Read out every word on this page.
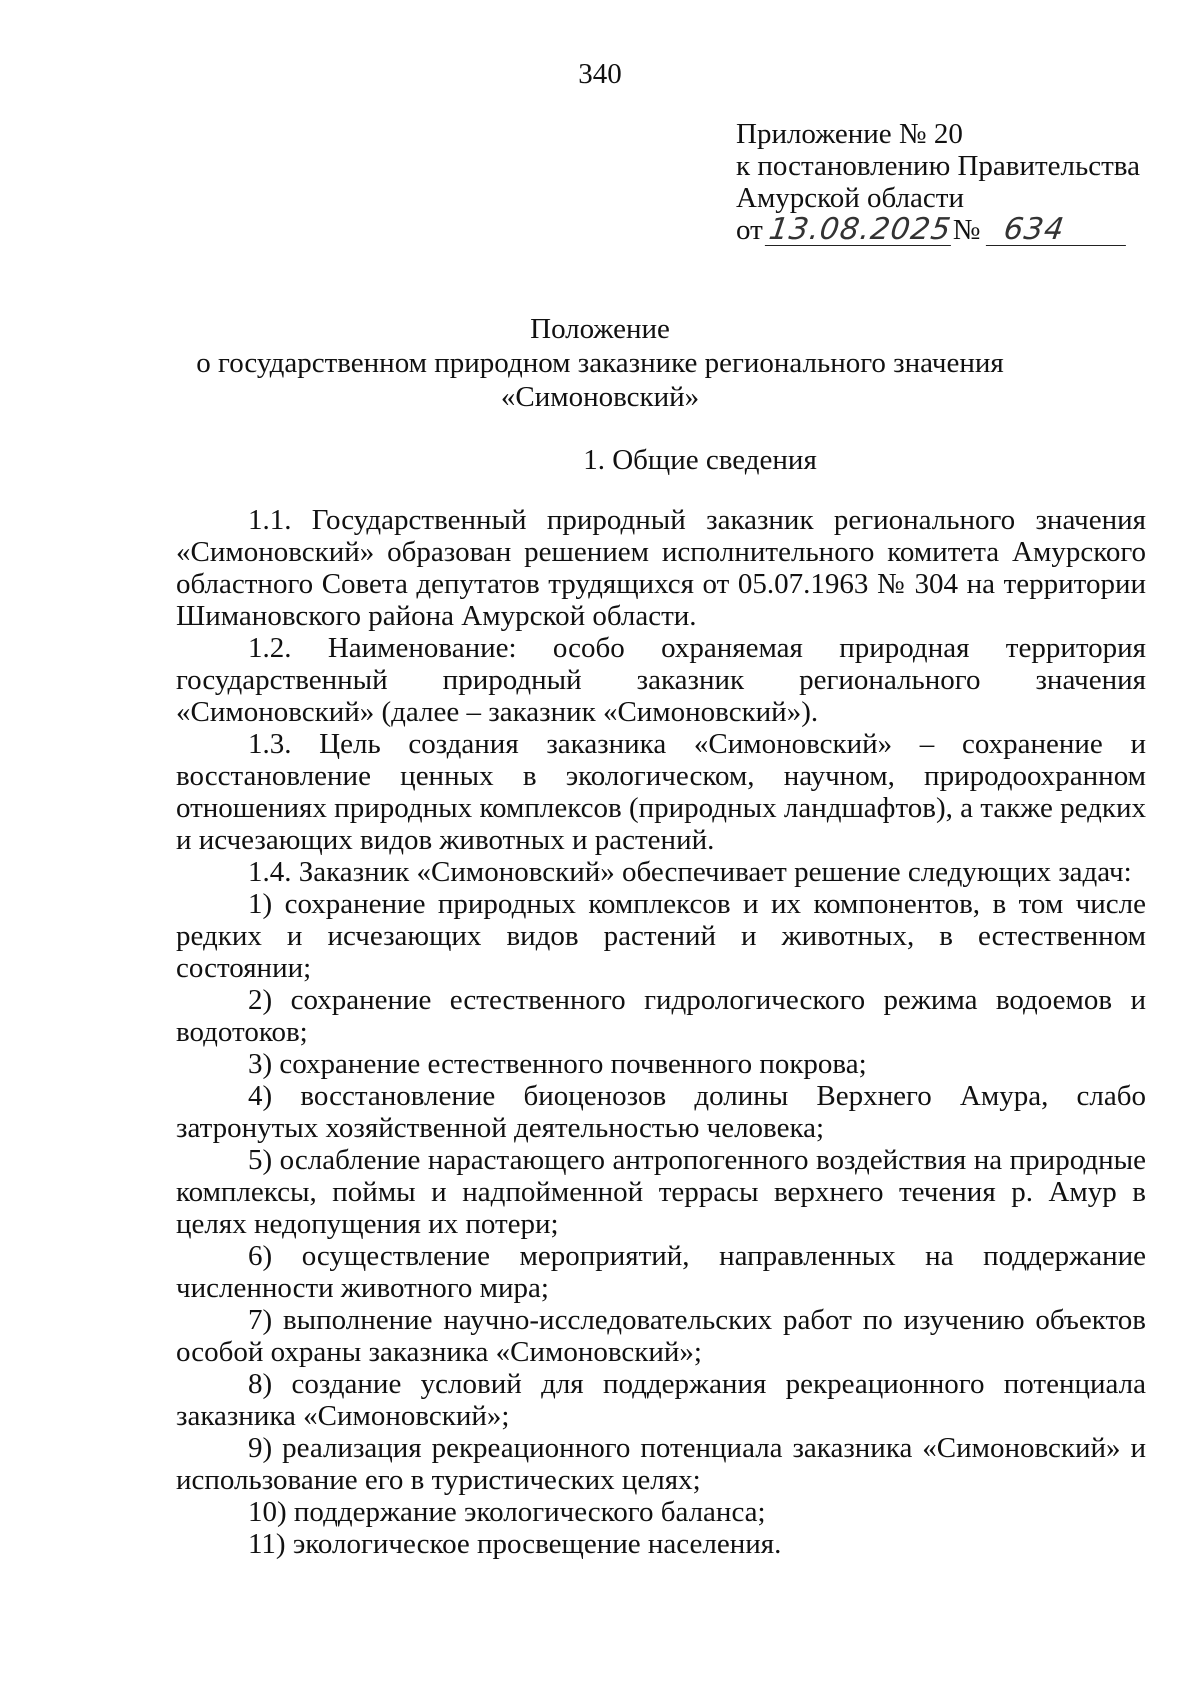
340
Приложение № 20
к постановлению Правительства
Амурской области
от 13.08.2025 № 634
Положение
о государственном природном заказнике регионального значения
«Симоновский»
1. Общие сведения

1.1. Государственный природный заказник регионального значения «Симоновский» образован решением исполнительного комитета Амурского областного Совета депутатов трудящихся от 05.07.1963 № 304 на территории Шимановского района Амурской области.

1.2. Наименование: особо охраняемая природная территория государственный природный заказник регионального значения «Симоновский» (далее – заказник «Симоновский»).

1.3. Цель создания заказника «Симоновский» – сохранение и восстановление ценных в экологическом, научном, природоохранном отношениях природных комплексов (природных ландшафтов), а также редких и исчезающих видов животных и растений.

1.4. Заказник «Симоновский» обеспечивает решение следующих задач:

1) сохранение природных комплексов и их компонентов, в том числе редких и исчезающих видов растений и животных, в естественном состоянии;

2) сохранение естественного гидрологического режима водоемов и водотоков;

3) сохранение естественного почвенного покрова;

4) восстановление биоценозов долины Верхнего Амура, слабо затронутых хозяйственной деятельностью человека;

5) ослабление нарастающего антропогенного воздействия на природные комплексы, поймы и надпойменной террасы верхнего течения р. Амур в целях недопущения их потери;

6) осуществление мероприятий, направленных на поддержание численности животного мира;

7) выполнение научно-исследовательских работ по изучению объектов особой охраны заказника «Симоновский»;

8) создание условий для поддержания рекреационного потенциала заказника «Симоновский»;

9) реализация рекреационного потенциала заказника «Симоновский» и использование его в туристических целях;

10) поддержание экологического баланса;

11) экологическое просвещение населения.
